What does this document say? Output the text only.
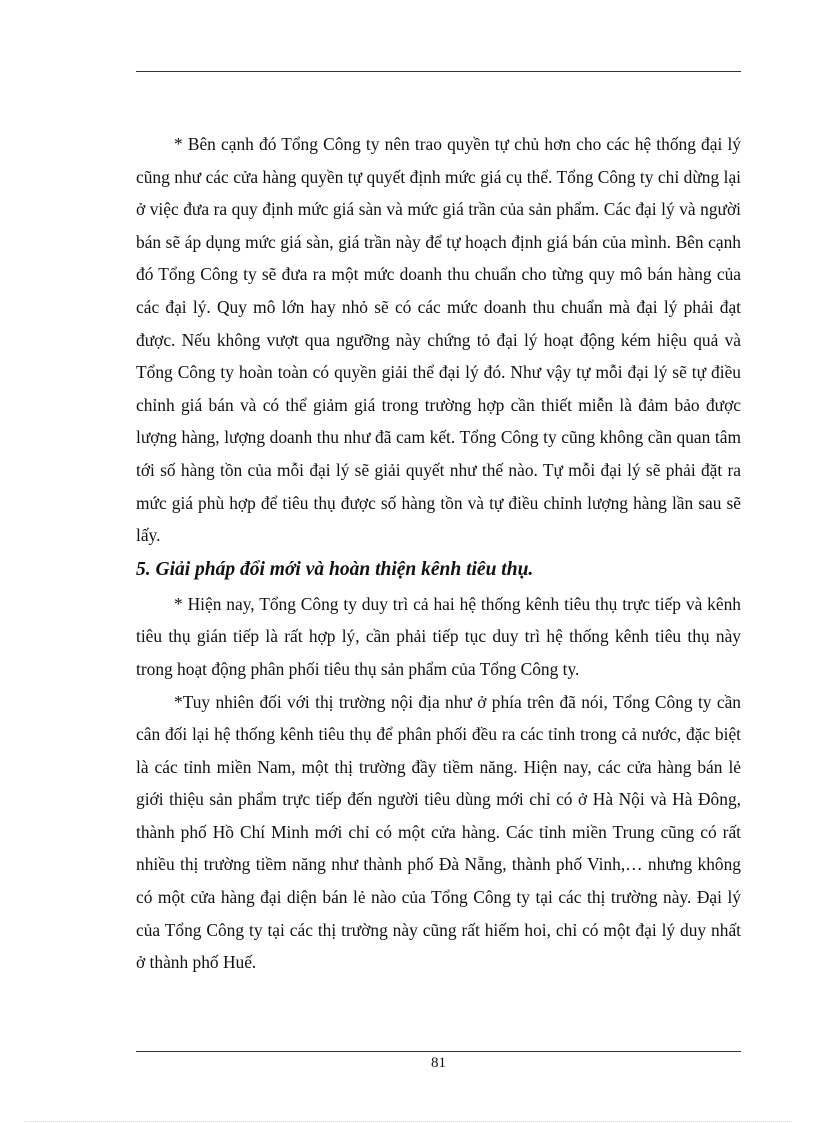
* Bên cạnh đó Tổng Công ty nên trao quyền tự chủ hơn cho các hệ thống đại lý cũng như các cửa hàng quyền tự quyết định mức giá cụ thể. Tổng Công ty chỉ dừng lại ở việc đưa ra quy định mức giá sàn và mức giá trần của sản phẩm. Các đại lý và người bán sẽ áp dụng mức giá sàn, giá trần này để tự hoạch định giá bán của mình. Bên cạnh đó Tổng Công ty sẽ đưa ra một mức doanh thu chuẩn cho từng quy mô bán hàng của các đại lý. Quy mô lớn hay nhỏ sẽ có các mức doanh thu chuẩn mà đại lý phải đạt được. Nếu không vượt qua ngưỡng này chứng tỏ đại lý hoạt động kém hiệu quả và Tổng Công ty hoàn toàn có quyền giải thể đại lý đó. Như vậy tự mỗi đại lý sẽ tự điều chỉnh giá bán và có thể giảm giá trong trường hợp cần thiết miễn là đảm bảo được lượng hàng, lượng doanh thu như đã cam kết. Tổng Công ty cũng không cần quan tâm tới số hàng tồn của mỗi đại lý sẽ giải quyết như thế nào. Tự mỗi đại lý sẽ phải đặt ra mức giá phù hợp để tiêu thụ được số hàng tồn và tự điều chỉnh lượng hàng lần sau sẽ lấy.

5. Giải pháp đổi mới và hoàn thiện kênh tiêu thụ.

* Hiện nay, Tổng Công ty duy trì cả hai hệ thống kênh tiêu thụ trực tiếp và kênh tiêu thụ gián tiếp là rất hợp lý, cần phải tiếp tục duy trì hệ thống kênh tiêu thụ này trong hoạt động phân phối tiêu thụ sản phẩm của Tổng Công ty.

*Tuy nhiên đối với thị trường nội địa như ở phía trên đã nói, Tổng Công ty cần cân đối lại hệ thống kênh tiêu thụ để phân phối đều ra các tỉnh trong cả nước, đặc biệt là các tỉnh miền Nam, một thị trường đầy tiềm năng. Hiện nay, các cửa hàng bán lẻ giới thiệu sản phẩm trực tiếp đến người tiêu dùng mới chỉ có ở Hà Nội và Hà Đông, thành phố Hồ Chí Minh mới chỉ có một cửa hàng. Các tỉnh miền Trung cũng có rất nhiều thị trường tiềm năng như thành phố Đà Nẵng, thành phố Vinh,… nhưng không có một cửa hàng đại diện bán lẻ nào của Tổng Công ty tại các thị trường này. Đại lý của Tổng Công ty tại các thị trường này cũng rất hiếm hoi, chỉ có một đại lý duy nhất ở thành phố Huế.

81
